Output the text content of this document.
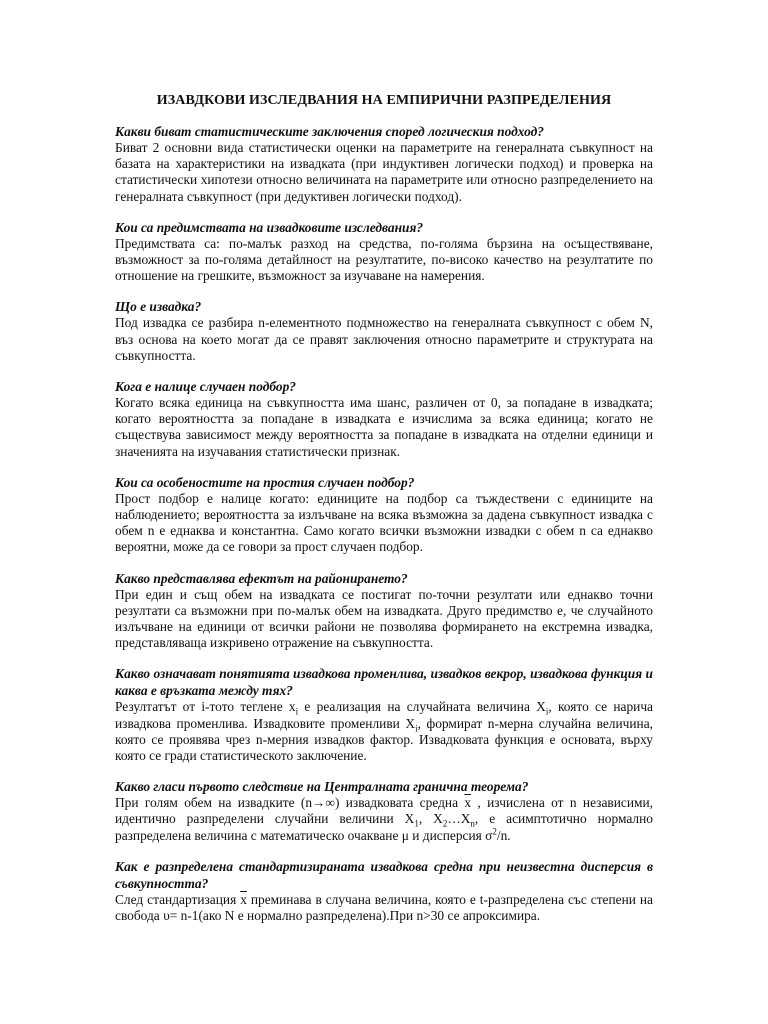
ИЗАВДКОВИ ИЗСЛЕДВАНИЯ НА ЕМПИРИЧНИ РАЗПРЕДЕЛЕНИЯ

Какви биват статистическите заключения според логическия подход?

Биват 2 основни вида статистически оценки на параметрите на генералната съвкупност на базата на характеристики на извадката (при индуктивен логически подход) и проверка на статистически хипотези относно величината на параметрите или относно разпределението на генералната съвкупност (при дедуктивен логически подход).

Кои са предимствата на извадковите изследвания?

Предимствата са: по-малък разход на средства, по-голяма бързина на осъществяване, възможност за по-голяма детайлност на резултатите, по-високо качество на резултатите по отношение на грешките, възможност за изучаване на намерения.

Що е извадка?

Под извадка се разбира n-елементното подмножество на генералната съвкупност с обем N, въз основа на което могат да се правят заключения относно параметрите и структурата на съвкупността.

Кога е налице случаен подбор?

Когато всяка единица на съвкупността има шанс, различен от 0, за попадане в извадката; когато вероятността за попадане в извадката е изчислима за всяка единица; когато не съществува зависимост между вероятността за попадане в извадката на отделни единици и значенията на изучавания статистически признак.

Кои са особеностите на простия случаен подбор?

Прост подбор е налице когато: единиците на подбор са тъждествени с единиците на наблюдението; вероятността за излъчване на всяка възможна за дадена съвкупност извадка с обем n е еднаква и константна. Само когато всички възможни извадки с обем n са еднакво вероятни, може да се говори за прост случаен подбор.

Какво представлява ефектът на районирането?

При един и същ обем на извадката се постигат по-точни резултати или еднакво точни резултати са възможни при по-малък обем на извадката. Друго предимство е, че случайното излъчване на единици от всички райони не позволява формирането на екстремна извадка, представляваща изкривено отражение на съвкупността.

Какво означават понятията извадкова променлива, извадков векрор, извадкова функция и каква е връзката между тях?

Резултатът от i-тото теглене $x_i$ е реализация на случайната величина $X_i$, която се нарича извадкова променлива. Извадковите променливи $X_i$, формират n-мерна случайна величина, която се проявява чрез n-мерния извадков фактор. Извадковата функция е основата, върху която се гради статистическото заключение.

Какво гласи първото следствие на Централната гранична теорема?

При голям обем на извадките (n→∞) извадковата средна $\overline{x}$ , изчислена от n независими, идентично разпределени случайни величини $X_1$, $X_2\dots X_n$, е асимптотично нормално разпределена величина с математическо очакване μ и дисперсия $\sigma^2/n$.

Как е разпределена стандартизираната извадкова средна при неизвестна дисперсия в съвкупността?

След стандартизация $\overline{x}$ преминава в случана величина, която е t-разпределена със степени на свобода υ= n-1(ако N е нормално разпределена).При n>30 се апроксимира.
